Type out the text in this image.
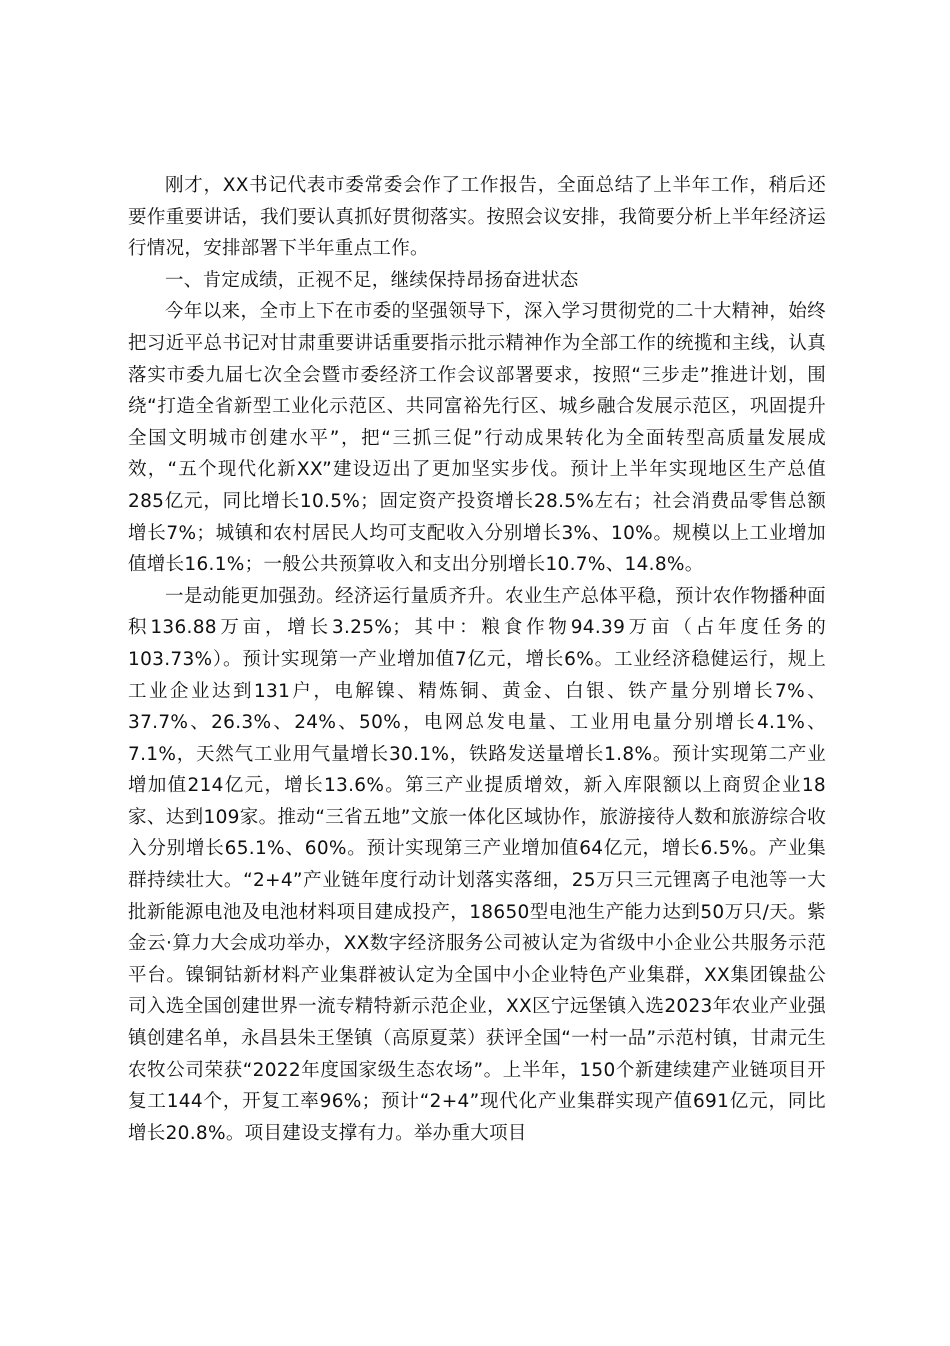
刚才，XX书记代表市委常委会作了工作报告，全面总结了上半年工作，稍后还要作重要讲话，我们要认真抓好贯彻落实。按照会议安排，我简要分析上半年经济运行情况，安排部署下半年重点工作。

一、肯定成绩，正视不足，继续保持昂扬奋进状态

今年以来，全市上下在市委的坚强领导下，深入学习贯彻党的二十大精神，始终把习近平总书记对甘肃重要讲话重要指示批示精神作为全部工作的统揽和主线，认真落实市委九届七次全会暨市委经济工作会议部署要求，按照“三步走”推进计划，围绕“打造全省新型工业化示范区、共同富裕先行区、城乡融合发展示范区，巩固提升全国文明城市创建水平”，把“三抓三促”行动成果转化为全面转型高质量发展成效，“五个现代化新XX”建设迈出了更加坚实步伐。预计上半年实现地区生产总值285亿元，同比增长10.5%；固定资产投资增长28.5%左右；社会消费品零售总额增长7%；城镇和农村居民人均可支配收入分别增长3%、10%。规模以上工业增加值增长16.1%；一般公共预算收入和支出分别增长10.7%、14.8%。

一是动能更加强劲。经济运行量质齐升。农业生产总体平稳，预计农作物播种面积136.88万亩，增长3.25%；其中：粮食作物94.39万亩（占年度任务的103.73%）。预计实现第一产业增加值7亿元，增长6%。工业经济稳健运行，规上工业企业达到131户，电解镍、精炼铜、黄金、白银、铁产量分别增长7%、37.7%、26.3%、24%、50%，电网总发电量、工业用电量分别增长4.1%、7.1%，天然气工业用气量增长30.1%，铁路发送量增长1.8%。预计实现第二产业增加值214亿元，增长13.6%。第三产业提质增效，新入库限额以上商贸企业18家、达到109家。推动“三省五地”文旅一体化区域协作，旅游接待人数和旅游综合收入分别增长65.1%、60%。预计实现第三产业增加值64亿元，增长6.5%。产业集群持续壮大。“2+4”产业链年度行动计划落实落细，25万只三元锂离子电池等一大批新能源电池及电池材料项目建成投产，18650型电池生产能力达到50万只/天。紫金云·算力大会成功举办，XX数字经济服务公司被认定为省级中小企业公共服务示范平台。镍铜钴新材料产业集群被认定为全国中小企业特色产业集群，XX集团镍盐公司入选全国创建世界一流专精特新示范企业，XX区宁远堡镇入选2023年农业产业强镇创建名单，永昌县朱王堡镇（高原夏菜）获评全国“一村一品”示范村镇，甘肃元生农牧公司荣获“2022年度国家级生态农场”。上半年，150个新建续建产业链项目开复工144个，开复工率96%；预计“2+4”现代化产业集群实现产值691亿元，同比增长20.8%。项目建设支撑有力。举办重大项目
